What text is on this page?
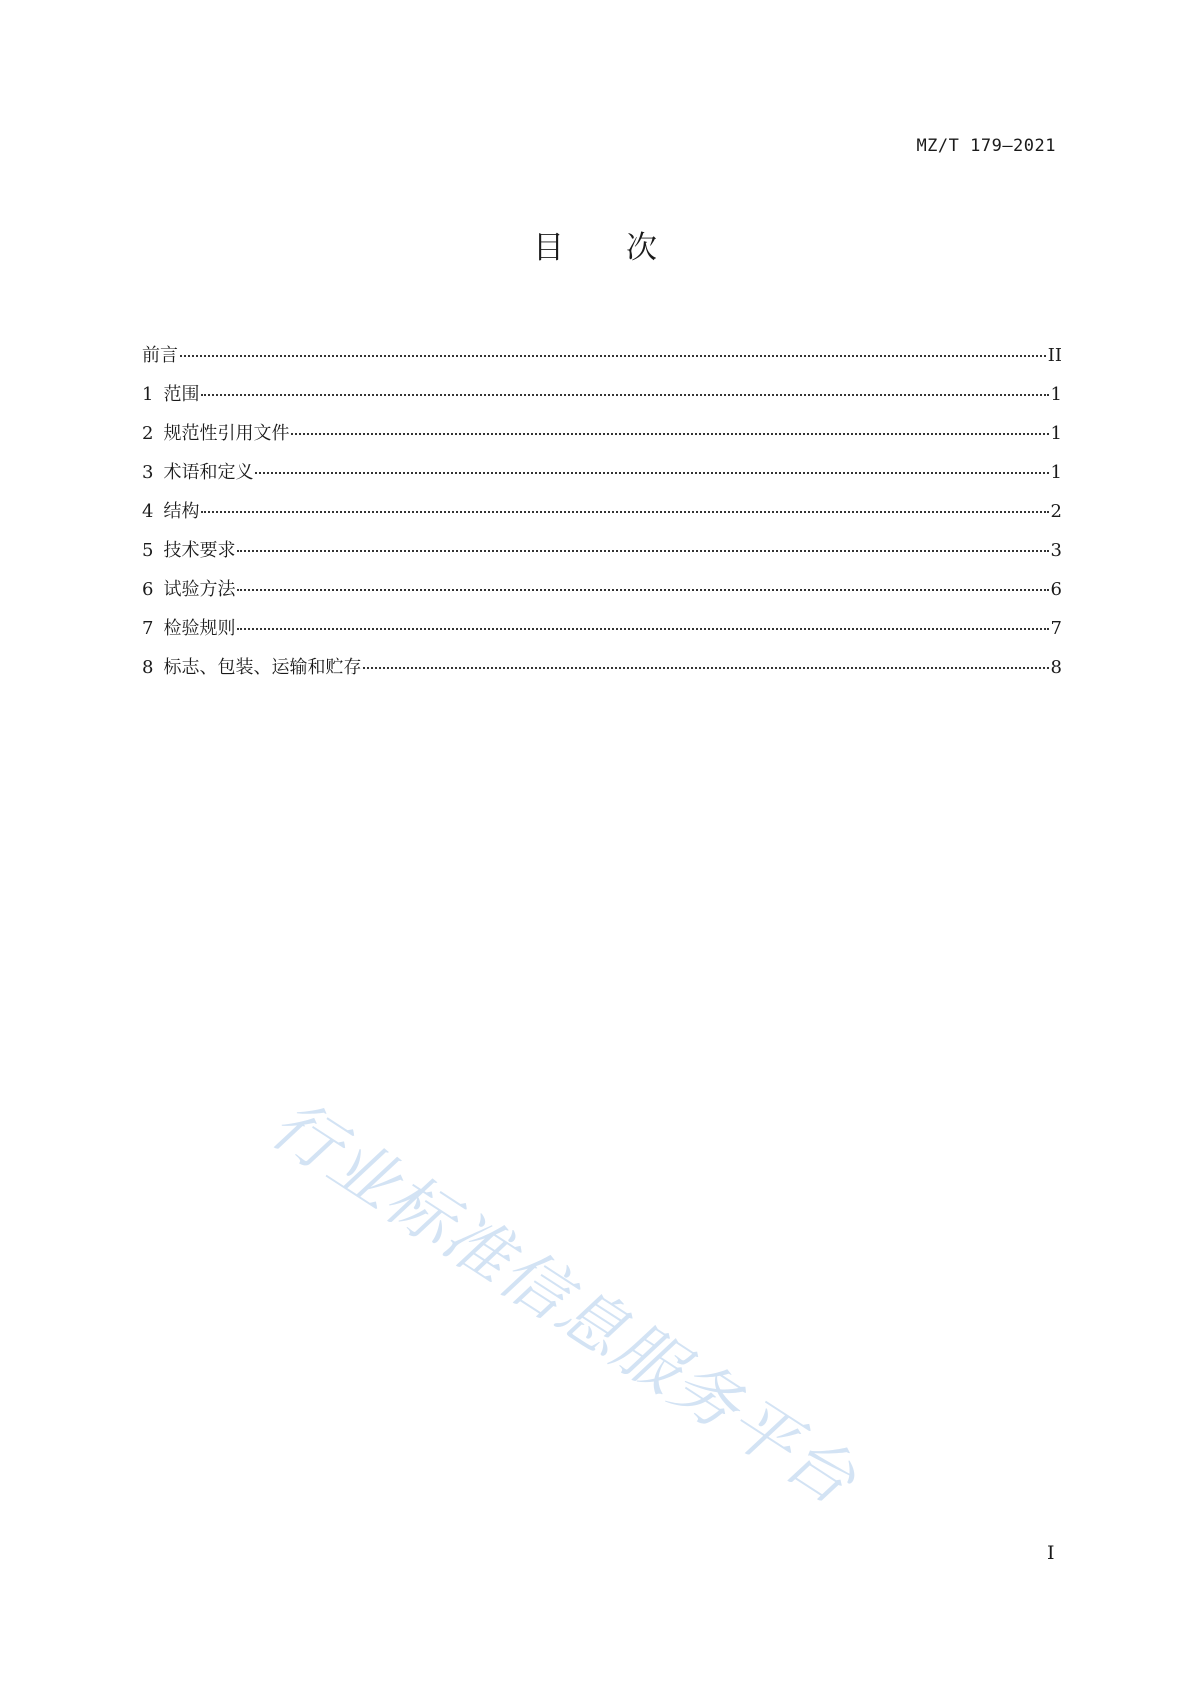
MZ/T 179—2021
目次
前言	II
1 范围	1
2 规范性引用文件	1
3 术语和定义	1
4 结构	2
5 技术要求	3
6 试验方法	6
7 检验规则	7
8 标志、包装、运输和贮存	8
行业标准信息服务平台
I
